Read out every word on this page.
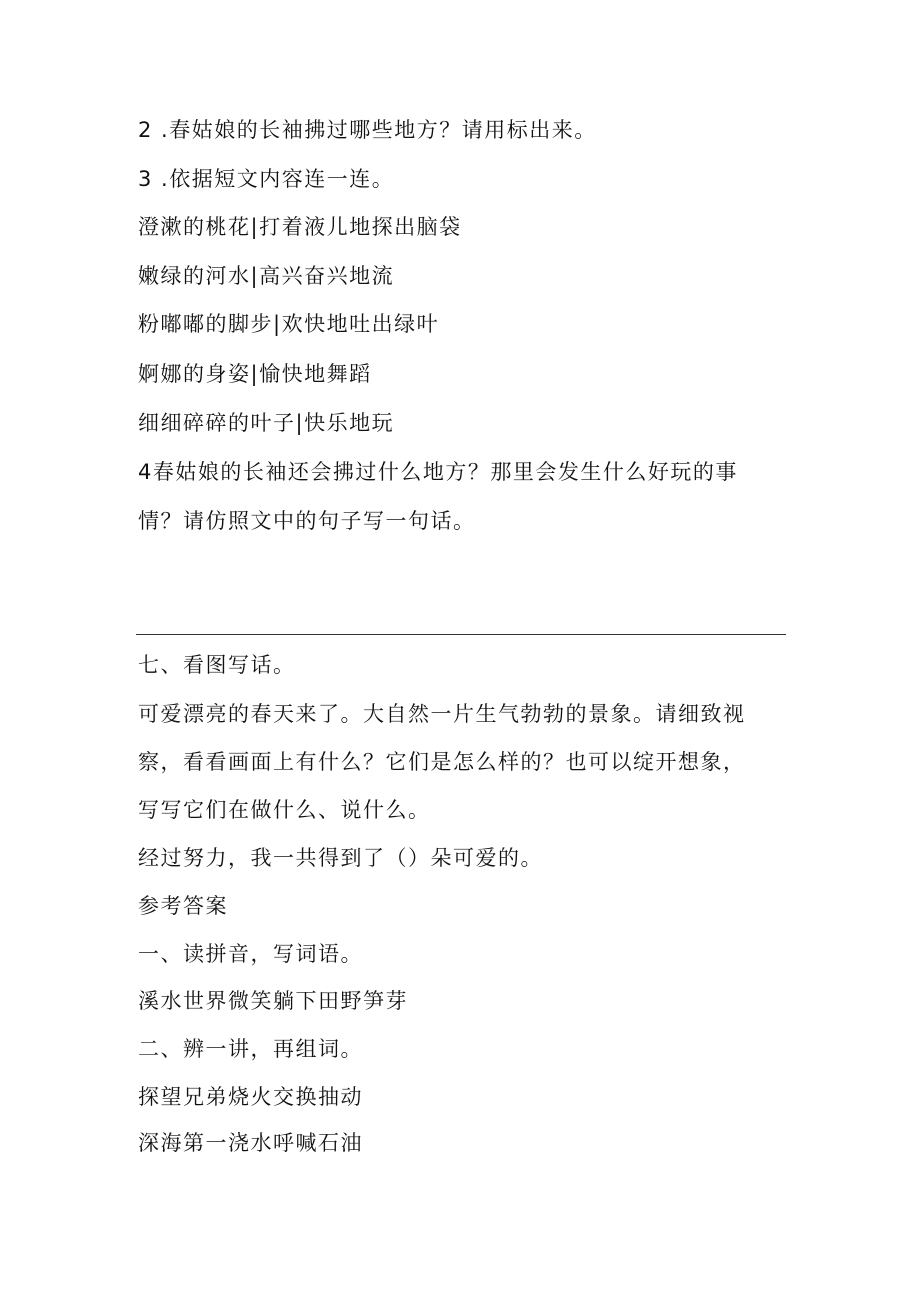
2 .春姑娘的长袖拂过哪些地方？请用标出来。
3 .依据短文内容连一连。
澄漱的桃花|打着液儿地探出脑袋
嫩绿的河水|高兴奋兴地流
粉嘟嘟的脚步|欢快地吐出绿叶
婀娜的身姿|愉快地舞蹈
细细碎碎的叶子|快乐地玩
4春姑娘的长袖还会拂过什么地方？那里会发生什么好玩的事
情？请仿照文中的句子写一句话。
七、看图写话。
可爱漂亮的春天来了。大自然一片生气勃勃的景象。请细致视
察，看看画面上有什么？它们是怎么样的？也可以绽开想象，
写写它们在做什么、说什么。
经过努力，我一共得到了（）朵可爱的。
参考答案
一、读拼音，写词语。
溪水世界微笑躺下田野笋芽
二、辨一讲，再组词。
探望兄弟烧火交换抽动
深海第一浇水呼喊石油
